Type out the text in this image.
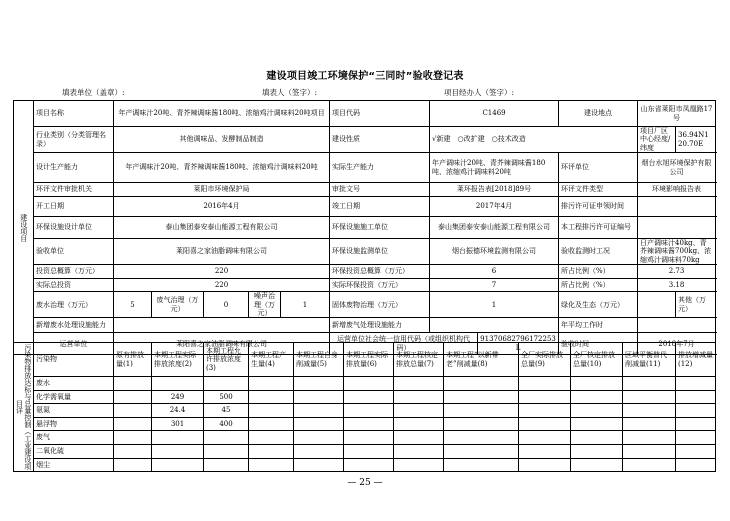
建设项目竣工环境保护“三同时”验收登记表
填表单位（盖章）:	填表人（签字）:	项目经办人（签字）:
建设项目	项目名称	年产调味汁20吨、青芥辣调味酱180吨、浓缩鸡汁调味料20吨项目					项目代码	C1469		建设地点	山东省莱阳市凤凰路17号	
	行业类别（分类管理名录）	其他调味品、发酵制品制造					建设性质	√新建　○改扩建　○技术改造			项目厂区中心经度/纬度	36.94N120.70E
	设计生产能力	年产调味汁20吨、青芥辣调味酱180吨、浓缩鸡汁调味料20吨					实际生产能力	年产调味汁20吨、青芥辣调味酱180吨、浓缩鸡汁调味料20吨		环评单位	烟台水旭环境保护有限公司	
	环评文件审批机关	莱阳市环境保护局					审批文号	莱环报告表[2018]89号		环评文件类型	环境影响报告表	
	开工日期	2016年4月					竣工日期	2017年4月		排污许可证申领时间		
	环保设施设计单位	泰山集团泰安泰山能源工程有限公司					环保设施施工单位	泰山集团泰安泰山能源工程有限公司		本工程排污许可证编号		
	验收单位	莱阳喜之家油脂调味有限公司					环保设施监测单位	烟台振德环境监测有限公司		验收监测时工况	日产调味汁40kg、青芥辣调味酱700kg、浓缩鸡汁调味料70kg	
	投资总概算（万元）	220					环保投资总概算（万元）	6		所占比例（%）	2.73	
	实际总投资	220					实际环保投资（万元）	7		所占比例（%）	3.18	
	废水治理（万元）	5	废气治理（万元）	0	噪声治理（万元）	1	固体废物治理（万元）	1		绿化及生态（万元）		其他（万元）
	新增废水处理设施能力						新增废气处理设施能力			年平均工作时		
	运营单位	莱阳喜之家油脂调味有限公司					运营单位社会统一信用代码（或组织机构代码）		91370682796172253L	验收时间	2018年7月	
污染物排放达标与总量控制（工业建设项目详	污染物	原有排放量(1)	本期工程实际排放浓度(2)	本期工程允许排放浓度(3)	本期工程产生量(4)	本期工程自身削减量(5)	本期工程实际排放量(6)	本期工程核定排放总量(7)	本期工程“以新带老”削减量(8)	全厂实际排放总量(9)	全厂核定排放总量(10)	区域平衡替代削减量(11)	排放增减量(12)
	废水												
	化学需氧量		249	500									
	氨氮		24.4	45									
	悬浮物		301	400									
	废气												
	二氧化硫												
	烟尘												
— 25 —
